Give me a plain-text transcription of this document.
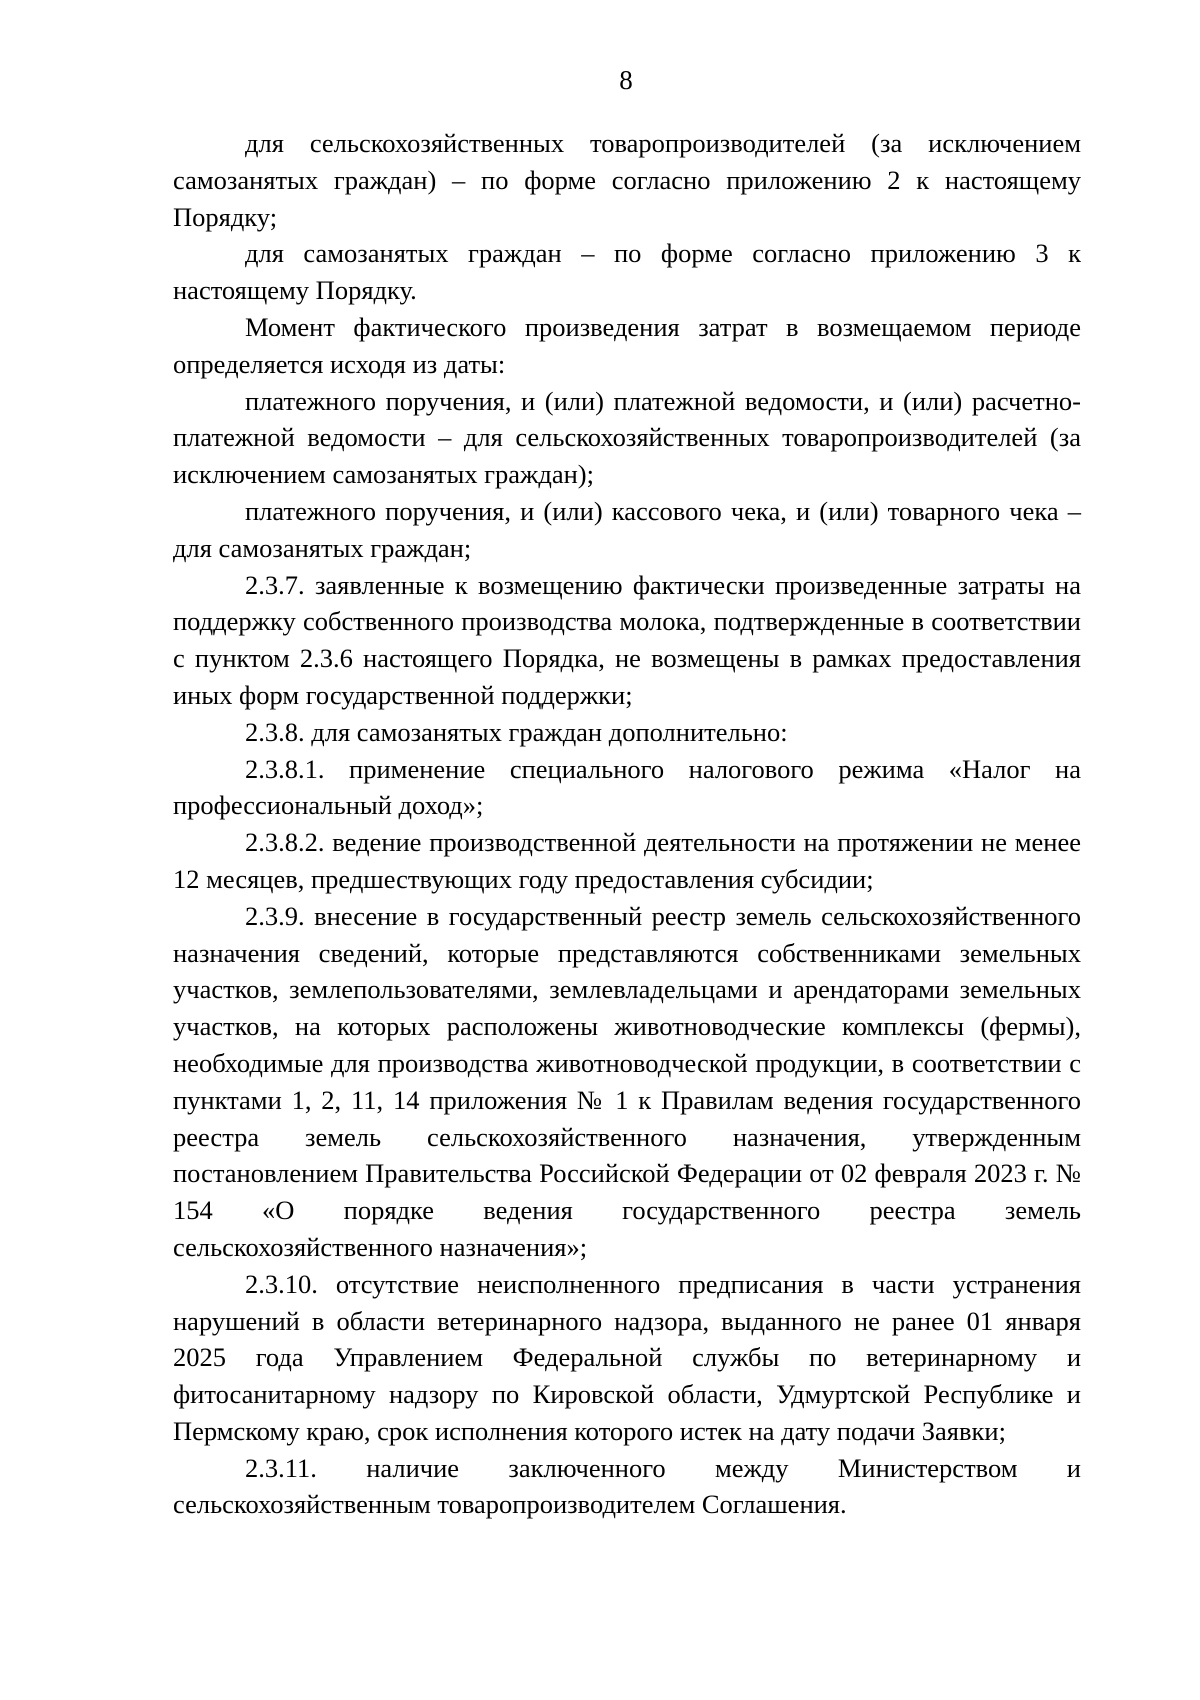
8

для сельскохозяйственных товаропроизводителей (за исключением самозанятых граждан) – по форме согласно приложению 2 к настоящему Порядку;

для самозанятых граждан – по форме согласно приложению 3 к настоящему Порядку.

Момент фактического произведения затрат в возмещаемом периоде определяется исходя из даты:

платежного поручения, и (или) платежной ведомости, и (или) расчетно-платежной ведомости – для сельскохозяйственных товаропроизводителей (за исключением самозанятых граждан);

платежного поручения, и (или) кассового чека, и (или) товарного чека – для самозанятых граждан;

2.3.7. заявленные к возмещению фактически произведенные затраты на поддержку собственного производства молока, подтвержденные в соответствии с пунктом 2.3.6 настоящего Порядка, не возмещены в рамках предоставления иных форм государственной поддержки;

2.3.8. для самозанятых граждан дополнительно:

2.3.8.1. применение специального налогового режима «Налог на профессиональный доход»;

2.3.8.2. ведение производственной деятельности на протяжении не менее 12 месяцев, предшествующих году предоставления субсидии;

2.3.9. внесение в государственный реестр земель сельскохозяйственного назначения сведений, которые представляются собственниками земельных участков, землепользователями, землевладельцами и арендаторами земельных участков, на которых расположены животноводческие комплексы (фермы), необходимые для производства животноводческой продукции, в соответствии с пунктами 1, 2, 11, 14 приложения № 1 к Правилам ведения государственного реестра земель сельскохозяйственного назначения, утвержденным постановлением Правительства Российской Федерации от 02 февраля 2023 г. № 154 «О порядке ведения государственного реестра земель сельскохозяйственного назначения»;

2.3.10. отсутствие неисполненного предписания в части устранения нарушений в области ветеринарного надзора, выданного не ранее 01 января 2025 года Управлением Федеральной службы по ветеринарному и фитосанитарному надзору по Кировской области, Удмуртской Республике и Пермскому краю, срок исполнения которого истек на дату подачи Заявки;

2.3.11. наличие заключенного между Министерством и сельскохозяйственным товаропроизводителем Соглашения.
